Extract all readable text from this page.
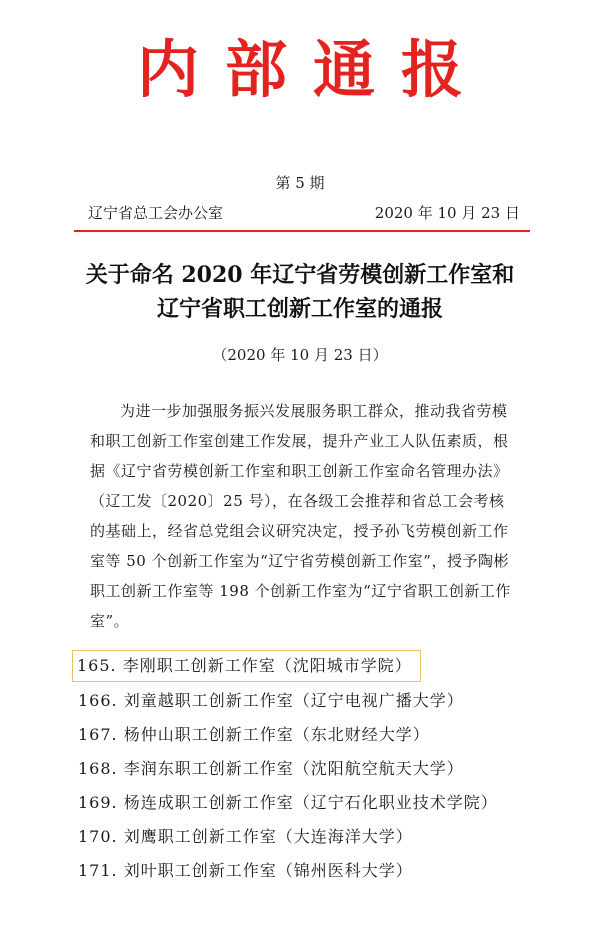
内部通报
第 5 期
辽宁省总工会办公室	2020 年 10 月 23 日
关于命名 2020 年辽宁省劳模创新工作室和
辽宁省职工创新工作室的通报
（2020 年 10 月 23 日）
为进一步加强服务振兴发展服务职工群众，推动我省劳模和职工创新工作室创建工作发展，提升产业工人队伍素质，根据《辽宁省劳模创新工作室和职工创新工作室命名管理办法》（辽工发〔2020〕25 号），在各级工会推荐和省总工会考核的基础上，经省总党组会议研究决定，授予孙飞劳模创新工作室等 50 个创新工作室为“辽宁省劳模创新工作室”，授予陶彬职工创新工作室等 198 个创新工作室为“辽宁省职工创新工作室”。
165. 李刚职工创新工作室（沈阳城市学院）
166. 刘童越职工创新工作室（辽宁电视广播大学）
167. 杨仲山职工创新工作室（东北财经大学）
168. 李润东职工创新工作室（沈阳航空航天大学）
169. 杨连成职工创新工作室（辽宁石化职业技术学院）
170. 刘鹰职工创新工作室（大连海洋大学）
171. 刘叶职工创新工作室（锦州医科大学）
